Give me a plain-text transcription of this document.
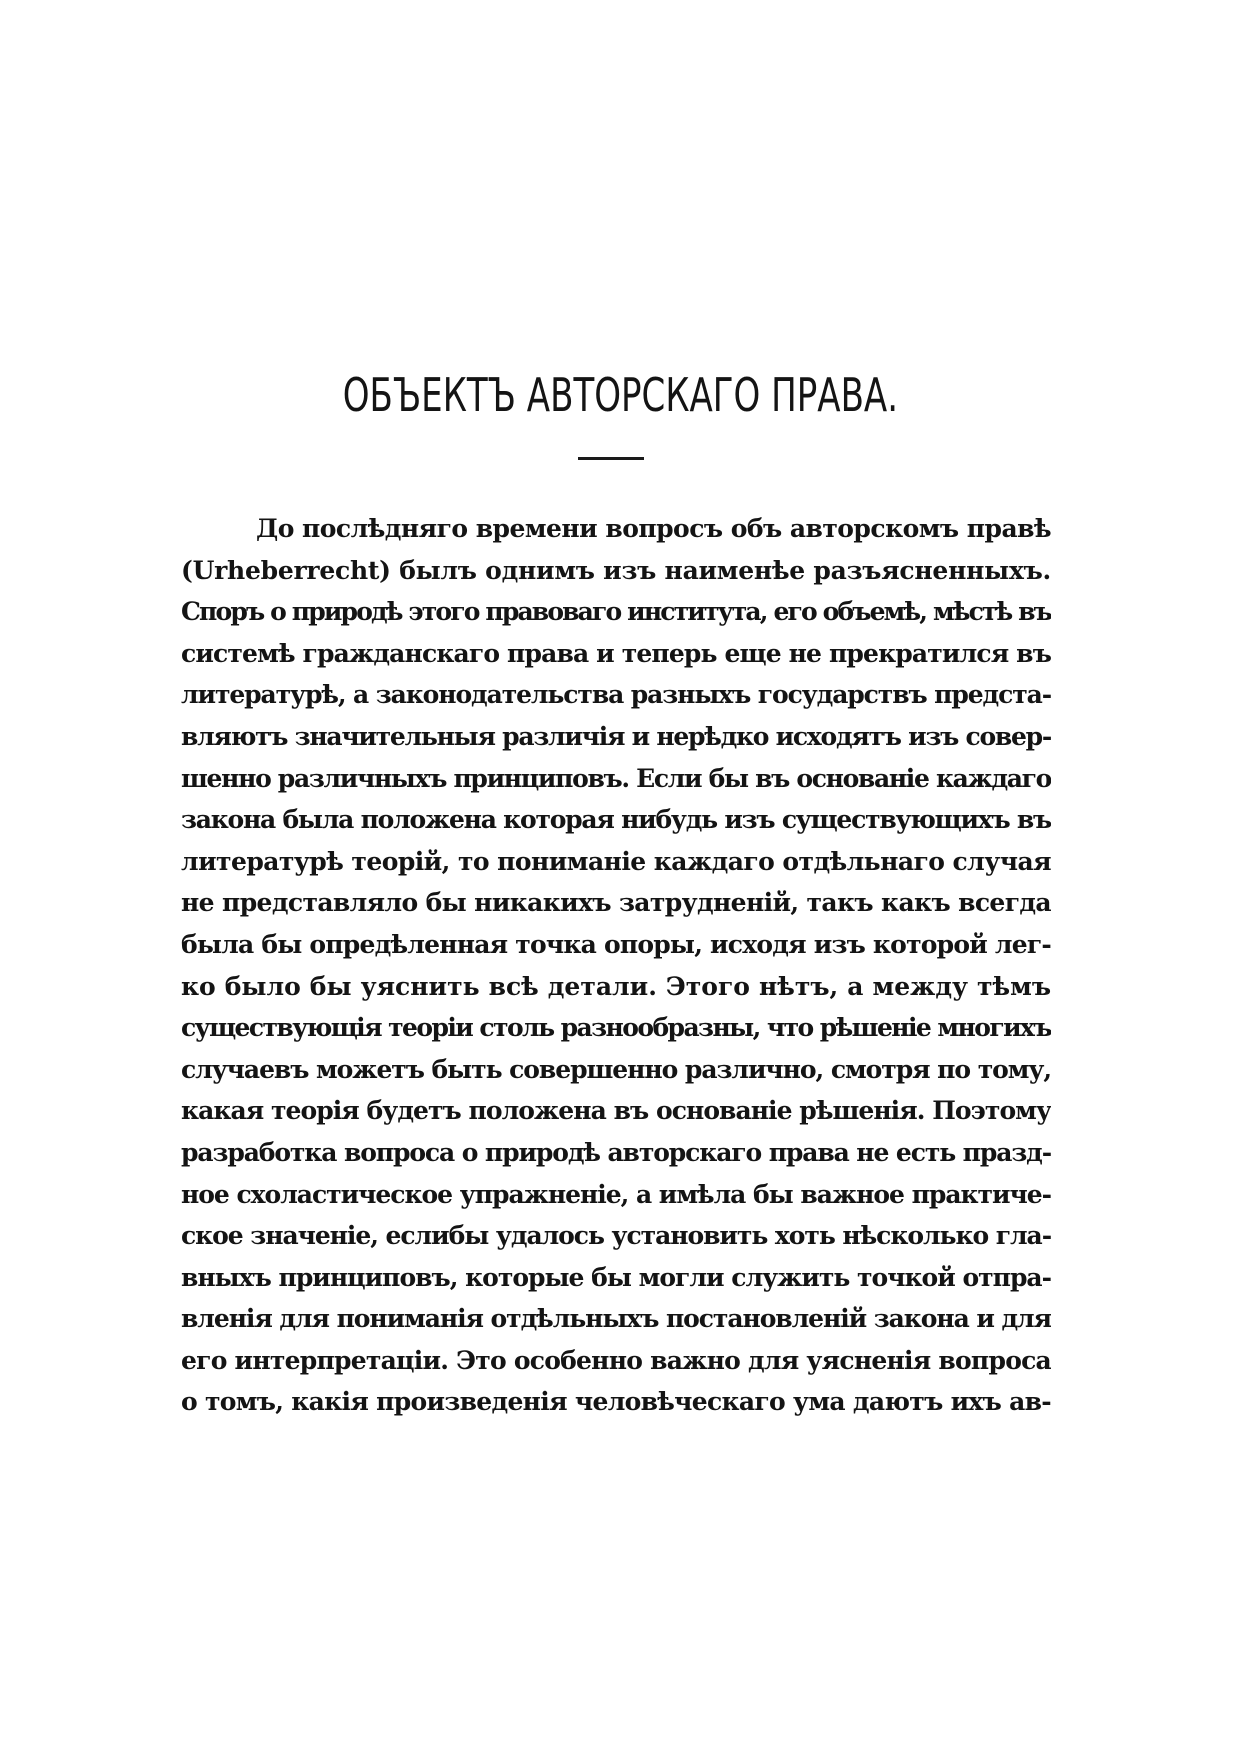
ОБЪЕКТЪ АВТОРСКАГО ПРАВА.
До послѣдняго времени вопросъ объ авторскомъ правѣ
(Urheberrecht) былъ однимъ изъ наименѣе разъясненныхъ.
Споръ о природѣ этого правоваго института, его объемѣ, мѣстѣ въ
системѣ гражданскаго права и теперь еще не прекратился въ
литературѣ, а законодательства разныхъ государствъ предста-
вляютъ значительныя различія и нерѣдко исходятъ изъ совер-
шенно различныхъ принциповъ. Если бы въ основаніе каждаго
закона была положена которая нибудь изъ существующихъ въ
литературѣ теорій, то пониманіе каждаго отдѣльнаго случая
не представляло бы никакихъ затрудненій, такъ какъ всегда
была бы опредѣленная точка опоры, исходя изъ которой лег-
ко было бы уяснить всѣ детали. Этого нѣтъ, а между тѣмъ
существующія теоріи столь разнообразны, что рѣшеніе многихъ
случаевъ можетъ быть совершенно различно, смотря по тому,
какая теорія будетъ положена въ основаніе рѣшенія. Поэтому
разработка вопроса о природѣ авторскаго права не есть празд-
ное схоластическое упражненіе, а имѣла бы важное практиче-
ское значеніе, еслибы удалось установить хоть нѣсколько гла-
вныхъ принциповъ, которые бы могли служить точкой отпра-
вленія для пониманія отдѣльныхъ постановленій закона и для
его интерпретаціи. Это особенно важно для уясненія вопроса
о томъ, какія произведенія человѣческаго ума даютъ ихъ ав-
